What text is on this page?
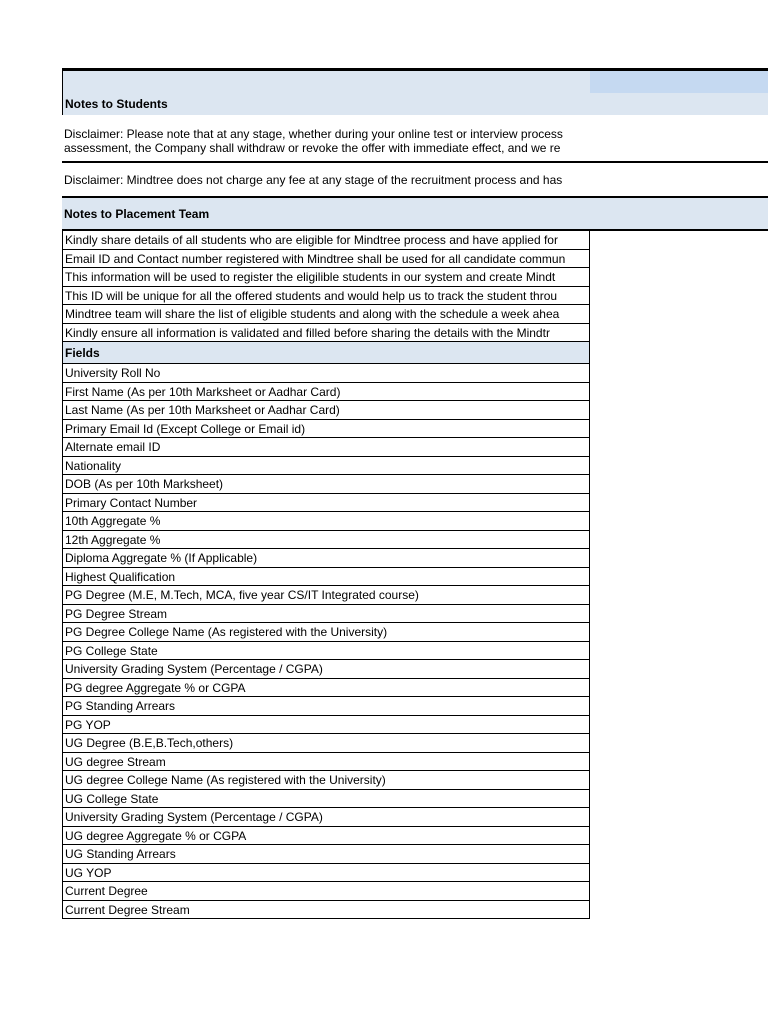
Notes to Students
Disclaimer: Please note that at any stage, whether during your online test or interview process
assessment, the Company shall withdraw or revoke the offer with immediate effect, and we re
Disclaimer: Mindtree does not charge any fee at any stage of the recruitment process and has
Notes to Placement Team
Kindly share details of all students who are eligible for Mindtree process and have applied for
Email ID and Contact number registered with Mindtree shall be used for all candidate commun
This information will be used to register the eligilible students in our system and create Mindt
This ID will be unique for all the offered students and would help us to track the student throu
Mindtree team will share the list of eligible students and along with the schedule a week ahea
Kindly ensure all information is validated and filled before sharing the details with the Mindtr
Fields
University Roll No
First Name (As per 10th Marksheet or Aadhar Card)
Last Name (As per 10th Marksheet or Aadhar Card)
Primary Email Id (Except College or Email id)
Alternate email ID
Nationality
DOB (As per 10th Marksheet)
Primary Contact Number
10th Aggregate %
12th Aggregate %
Diploma Aggregate % (If Applicable)
Highest Qualification
PG Degree (M.E, M.Tech, MCA, five year CS/IT Integrated course)
PG Degree Stream
PG Degree College Name (As registered with the University)
PG College State
University Grading System (Percentage / CGPA)
PG degree Aggregate % or CGPA
PG Standing Arrears
PG YOP
UG Degree (B.E,B.Tech,others)
UG degree Stream
UG degree College Name (As registered with the University)
UG College State
University Grading System (Percentage / CGPA)
UG degree Aggregate % or CGPA
UG Standing Arrears
UG YOP
Current Degree
Current Degree Stream
